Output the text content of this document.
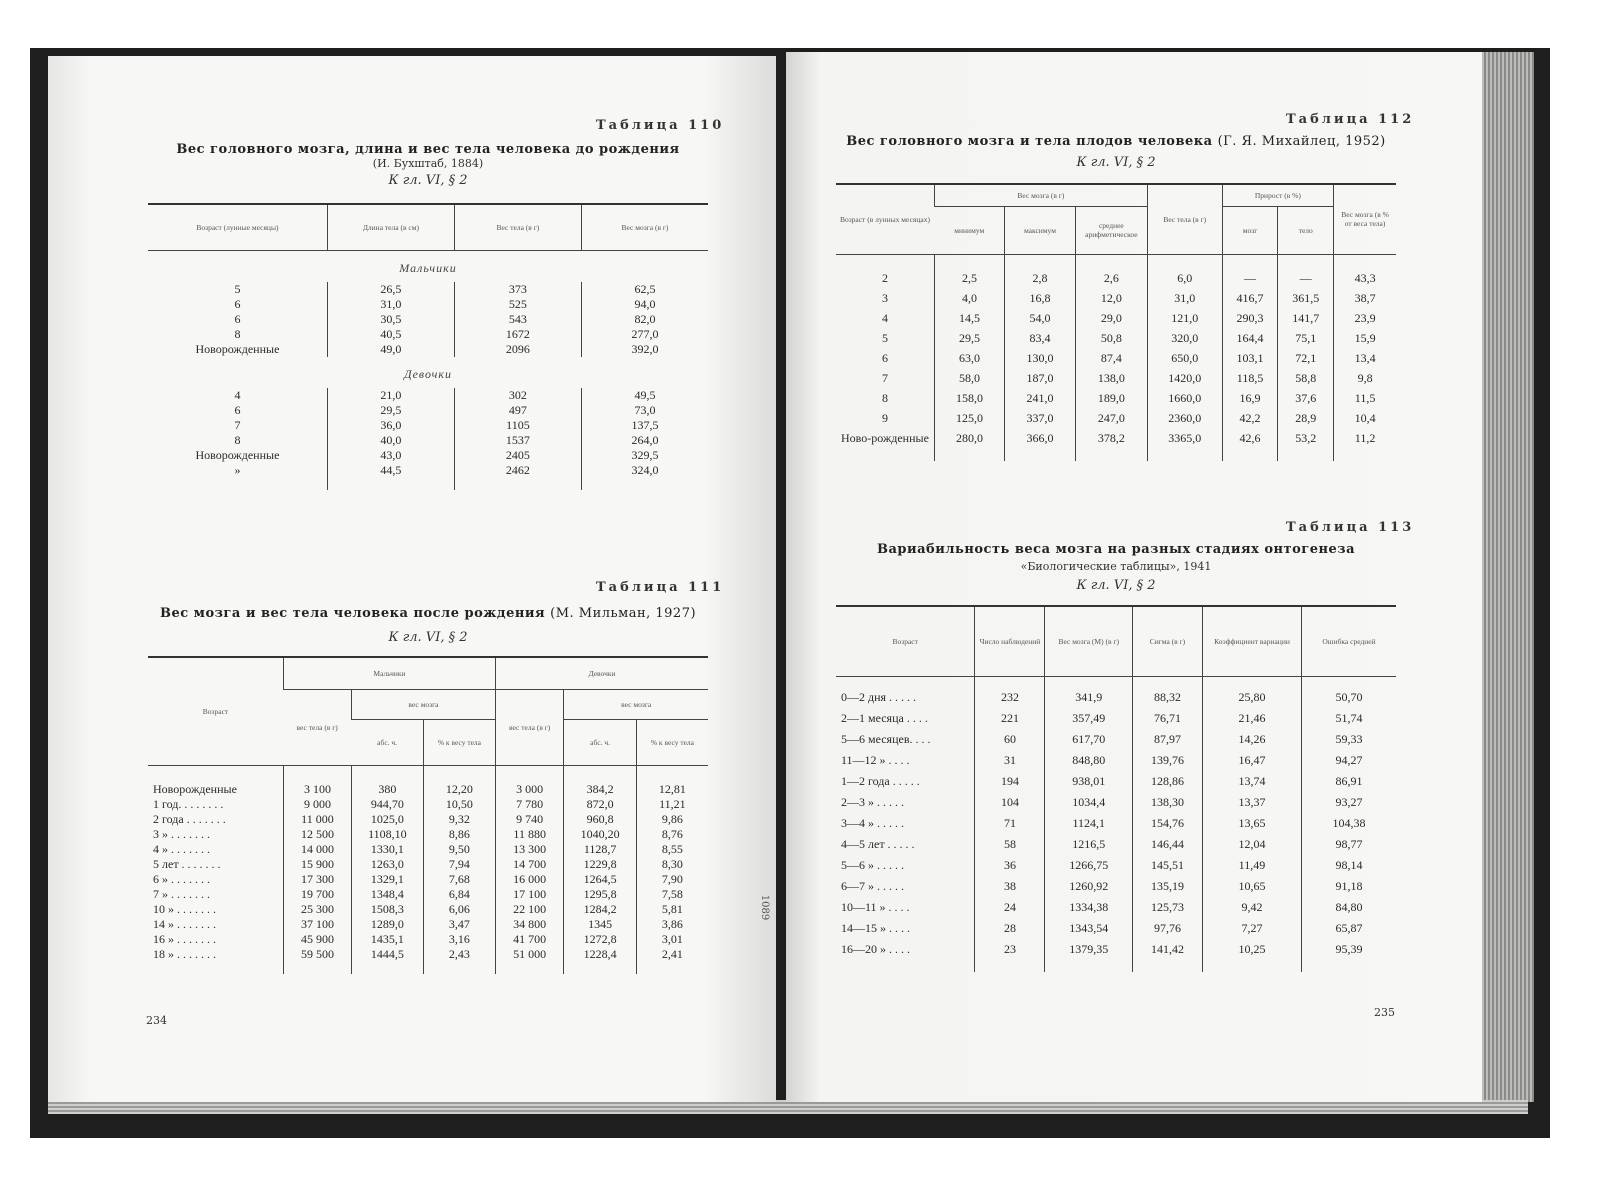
Таблица 110
Вес головного мозга, длина и вес тела человека до рождения
(И. Бухштаб, 1884)
К гл. VI, § 2
Возраст (лунные месяцы)	Длина тела (в см)	Вес тела (в г)	Вес мозга (в г)
Мальчики			
5	26,5	373	62,5
6	31,0	525	94,0
6	30,5	543	82,0
8	40,5	1672	277,0
Новорожденные	49,0	2096	392,0
Девочки			
4	21,0	302	49,5
6	29,5	497	73,0
7	36,0	1105	137,5
8	40,0	1537	264,0
Новорожденные	43,0	2405	329,5
»	44,5	2462	324,0

Таблица 111
Вес мозга и вес тела человека после рождения (М. Мильман, 1927)
К гл. VI, § 2
Возраст	Мальчики			Девочки		
	вес тела (в г)	вес мозга		вес тела (в г)	вес мозга	
		абс. ч.	% к весу тела		абс. ч.	% к весу тела

Новорожденные	3 100	380	12,20	3 000	384,2	12,81
1 год. . . . . . . .	9 000	944,70	10,50	7 780	872,0	11,21
2 года . . . . . . .	11 000	1025,0	9,32	9 740	960,8	9,86
3 » . . . . . . .	12 500	1108,10	8,86	11 880	1040,20	8,76
4 » . . . . . . .	14 000	1330,1	9,50	13 300	1128,7	8,55
5 лет . . . . . . .	15 900	1263,0	7,94	14 700	1229,8	8,30
6 » . . . . . . .	17 300	1329,1	7,68	16 000	1264,5	7,90
7 » . . . . . . .	19 700	1348,4	6,84	17 100	1295,8	7,58
10 » . . . . . . .	25 300	1508,3	6,06	22 100	1284,2	5,81
14 » . . . . . . .	37 100	1289,0	3,47	34 800	1345	3,86
16 » . . . . . . .	45 900	1435,1	3,16	41 700	1272,8	3,01
18 » . . . . . . .	59 500	1444,5	2,43	51 000	1228,4	2,41

234
1089
Таблица 112
Вес головного мозга и тела плодов человека (Г. Я. Михайлец, 1952)
К гл. VI, § 2
Возраст (в лунных месяцах)	Вес мозга (в г)			Вес тела (в г)	Прирост (в %)		Вес мозга (в % от веса тела)
	минимум	максимум	среднее арифметическое		мозг	тело	

2	2,5	2,8	2,6	6,0	—	—	43,3
3	4,0	16,8	12,0	31,0	416,7	361,5	38,7
4	14,5	54,0	29,0	121,0	290,3	141,7	23,9
5	29,5	83,4	50,8	320,0	164,4	75,1	15,9
6	63,0	130,0	87,4	650,0	103,1	72,1	13,4
7	58,0	187,0	138,0	1420,0	118,5	58,8	9,8
8	158,0	241,0	189,0	1660,0	16,9	37,6	11,5
9	125,0	337,0	247,0	2360,0	42,2	28,9	10,4
Ново-рожденные	280,0	366,0	378,2	3365,0	42,6	53,2	11,2

Таблица 113
Вариабильность веса мозга на разных стадиях онтогенеза
«Биологические таблицы», 1941
К гл. VI, § 2
Возраст	Число наблюдений	Вес мозга (M) (в г)	Сигма (в г)	Коэффициент вариации	Ошибка средней

0—2 дня . . . . .	232	341,9	88,32	25,80	50,70
2—1 месяца . . . .	221	357,49	76,71	21,46	51,74
5—6 месяцев. . . .	60	617,70	87,97	14,26	59,33
11—12 » . . . .	31	848,80	139,76	16,47	94,27
1—2 года . . . . .	194	938,01	128,86	13,74	86,91
2—3 » . . . . .	104	1034,4	138,30	13,37	93,27
3—4 » . . . . .	71	1124,1	154,76	13,65	104,38
4—5 лет . . . . .	58	1216,5	146,44	12,04	98,77
5—6 » . . . . .	36	1266,75	145,51	11,49	98,14
6—7 » . . . . .	38	1260,92	135,19	10,65	91,18
10—11 » . . . .	24	1334,38	125,73	9,42	84,80
14—15 » . . . .	28	1343,54	97,76	7,27	65,87
16—20 » . . . .	23	1379,35	141,42	10,25	95,39

235
